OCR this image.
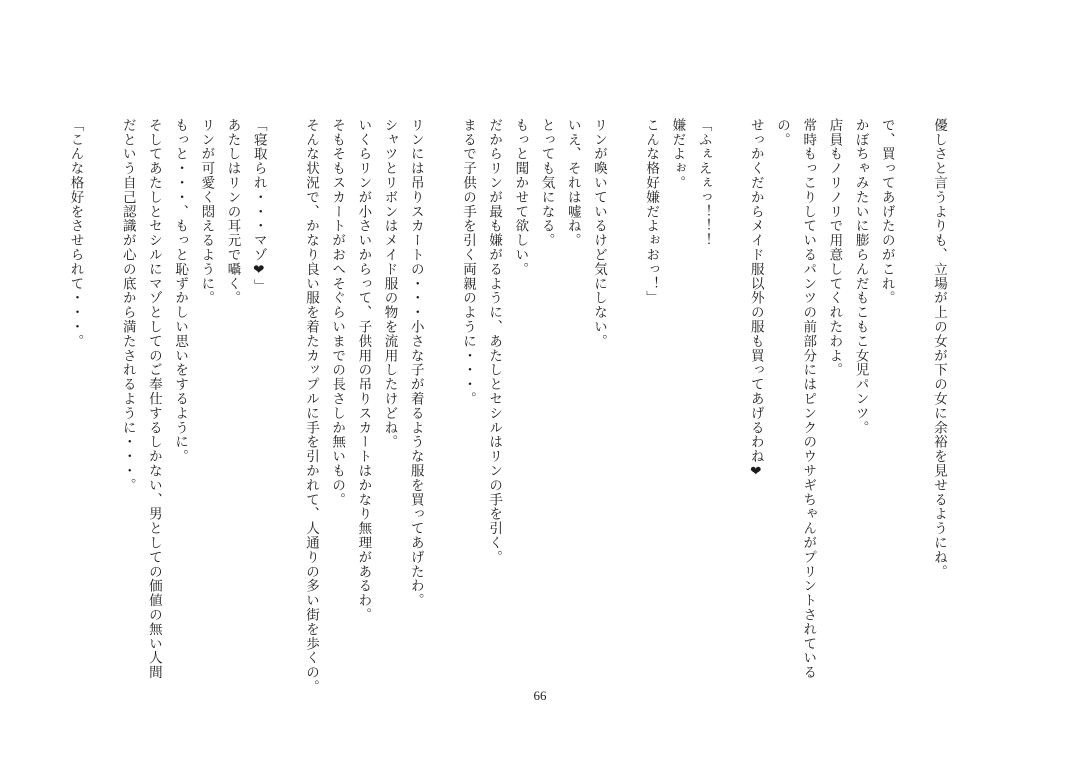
優しさと言うよりも、立場が上の女が下の女に余裕を見せるようにね。
で、買ってあげたのがこれ。
かぼちゃみたいに膨らんだもこもこ女児パンツ。
店員もノリノリで用意してくれたわよ。
常時もっこりしているパンツの前部分にはピンクのウサギちゃんがプリントされている
の。
せっかくだからメイド服以外の服も買ってあげるわね❤
「ふぇえぇっ！！！
嫌だよぉ。
こんな格好嫌だよぉおっ！」
リンが喚いているけど気にしない。
いえ、それは嘘ね。
とっても気になる。
もっと聞かせて欲しい。
だからリンが最も嫌がるように、あたしとセシルはリンの手を引く。
まるで子供の手を引く両親のように・・・。
リンには吊りスカートの・・・小さな子が着るような服を買ってあげたわ。
シャツとリボンはメイド服の物を流用したけどね。
いくらリンが小さいからって、子供用の吊りスカートはかなり無理があるわ。
そもそもスカートがおへそぐらいまでの長さしか無いもの。
そんな状況で、かなり良い服を着たカップルに手を引かれて、人通りの多い街を歩くの。
「寝取られ・・・マゾ❤」
あたしはリンの耳元で囁く。
リンが可愛く悶えるように。
もっと・・・、もっと恥ずかしい思いをするように。
そしてあたしとセシルにマゾとしてのご奉仕するしかない、男としての価値の無い人間
だという自己認識が心の底から満たされるように・・・。
「こんな格好をさせられて・・・。
66
